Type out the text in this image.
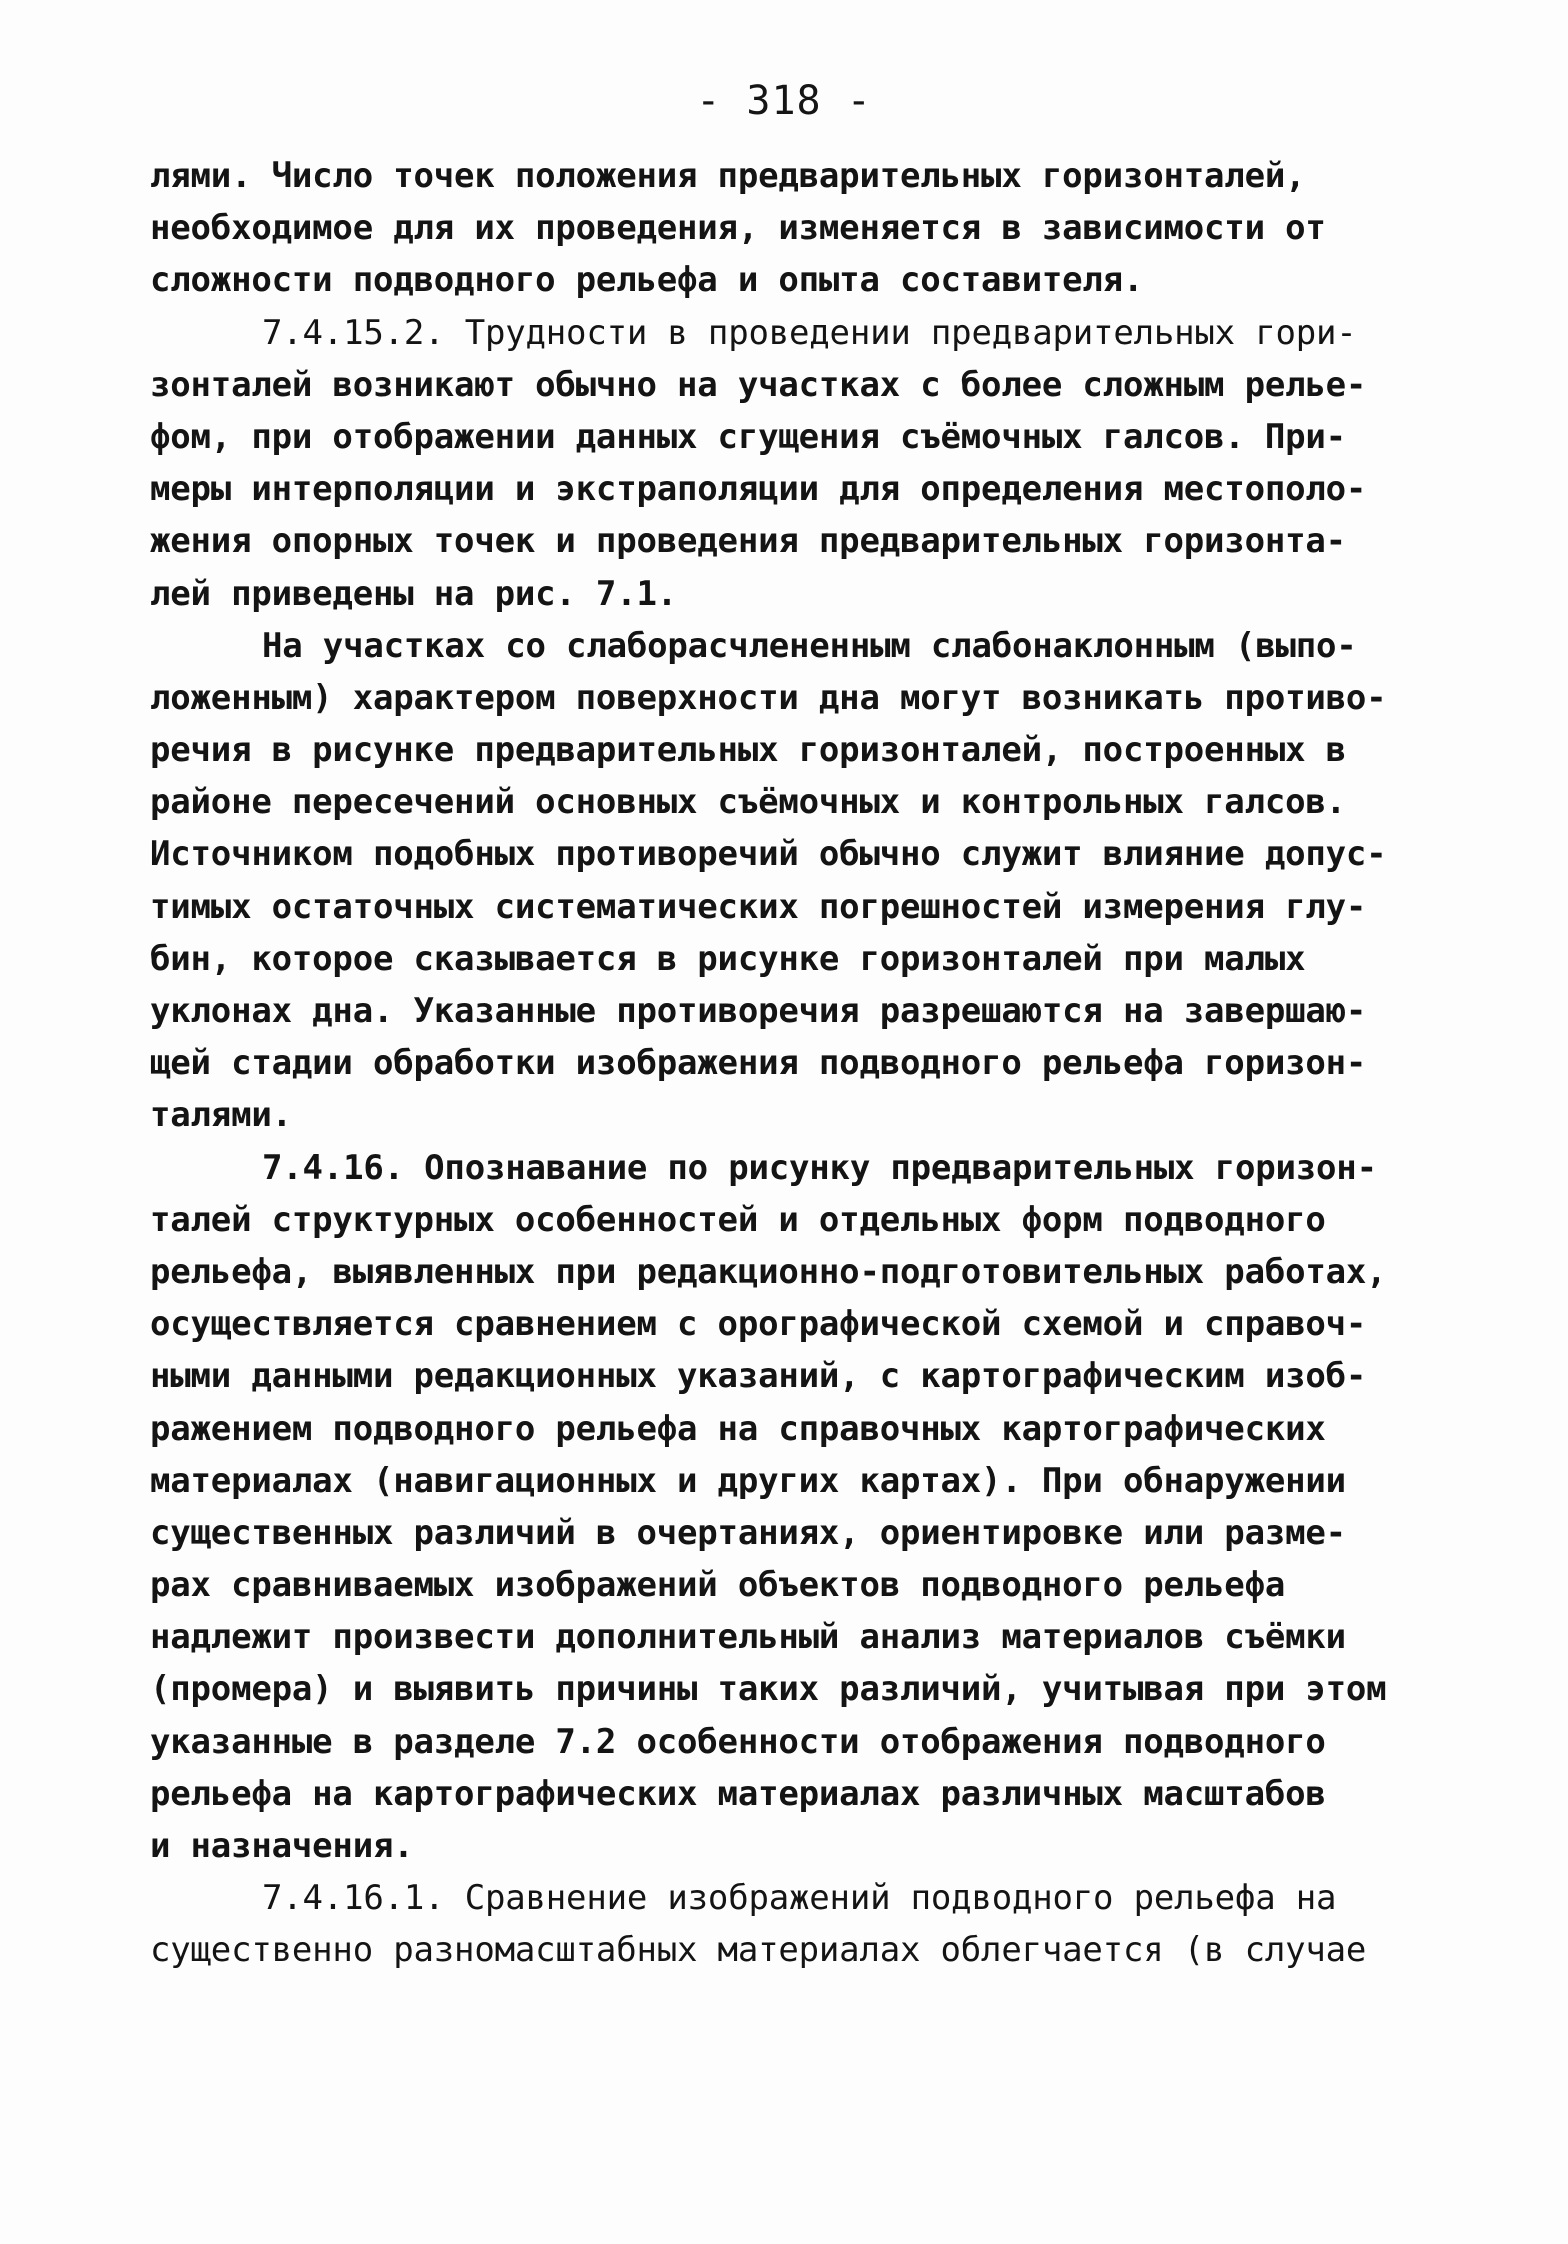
- 318 -
лями. Число точек положения предварительных горизонталей,
необходимое для их проведения, изменяется в зависимости от
сложности подводного рельефа и опыта составителя.
7.4.15.2. Трудности в проведении предварительных гори-
зонталей возникают обычно на участках с более сложным релье-
фом, при отображении данных сгущения съёмочных галсов. При-
меры интерполяции и экстраполяции для определения местополо-
жения опорных точек и проведения предварительных горизонта-
лей приведены на рис. 7.1.
На участках со слаборасчлененным слабонаклонным (выпо-
ложенным) характером поверхности дна могут возникать противо-
речия в рисунке предварительных горизонталей, построенных в
районе пересечений основных съёмочных и контрольных галсов.
Источником подобных противоречий обычно служит влияние допус-
тимых остаточных систематических погрешностей измерения глу-
бин, которое сказывается в рисунке горизонталей при малых
уклонах дна. Указанные противоречия разрешаются на завершаю-
щей стадии обработки изображения подводного рельефа горизон-
талями.
7.4.16. Опознавание по рисунку предварительных горизон-
талей структурных особенностей и отдельных форм подводного
рельефа, выявленных при редакционно-подготовительных работах,
осуществляется сравнением с орографической схемой и справоч-
ными данными редакционных указаний, с картографическим изоб-
ражением подводного рельефа на справочных картографических
материалах (навигационных и других картах). При обнаружении
существенных различий в очертаниях, ориентировке или разме-
рах сравниваемых изображений объектов подводного рельефа
надлежит произвести дополнительный анализ материалов съёмки
(промера) и выявить причины таких различий, учитывая при этом
указанные в разделе 7.2 особенности отображения подводного
рельефа на картографических материалах различных масштабов
и назначения.
7.4.16.1. Сравнение изображений подводного рельефа на
существенно разномасштабных материалах облегчается (в случае
